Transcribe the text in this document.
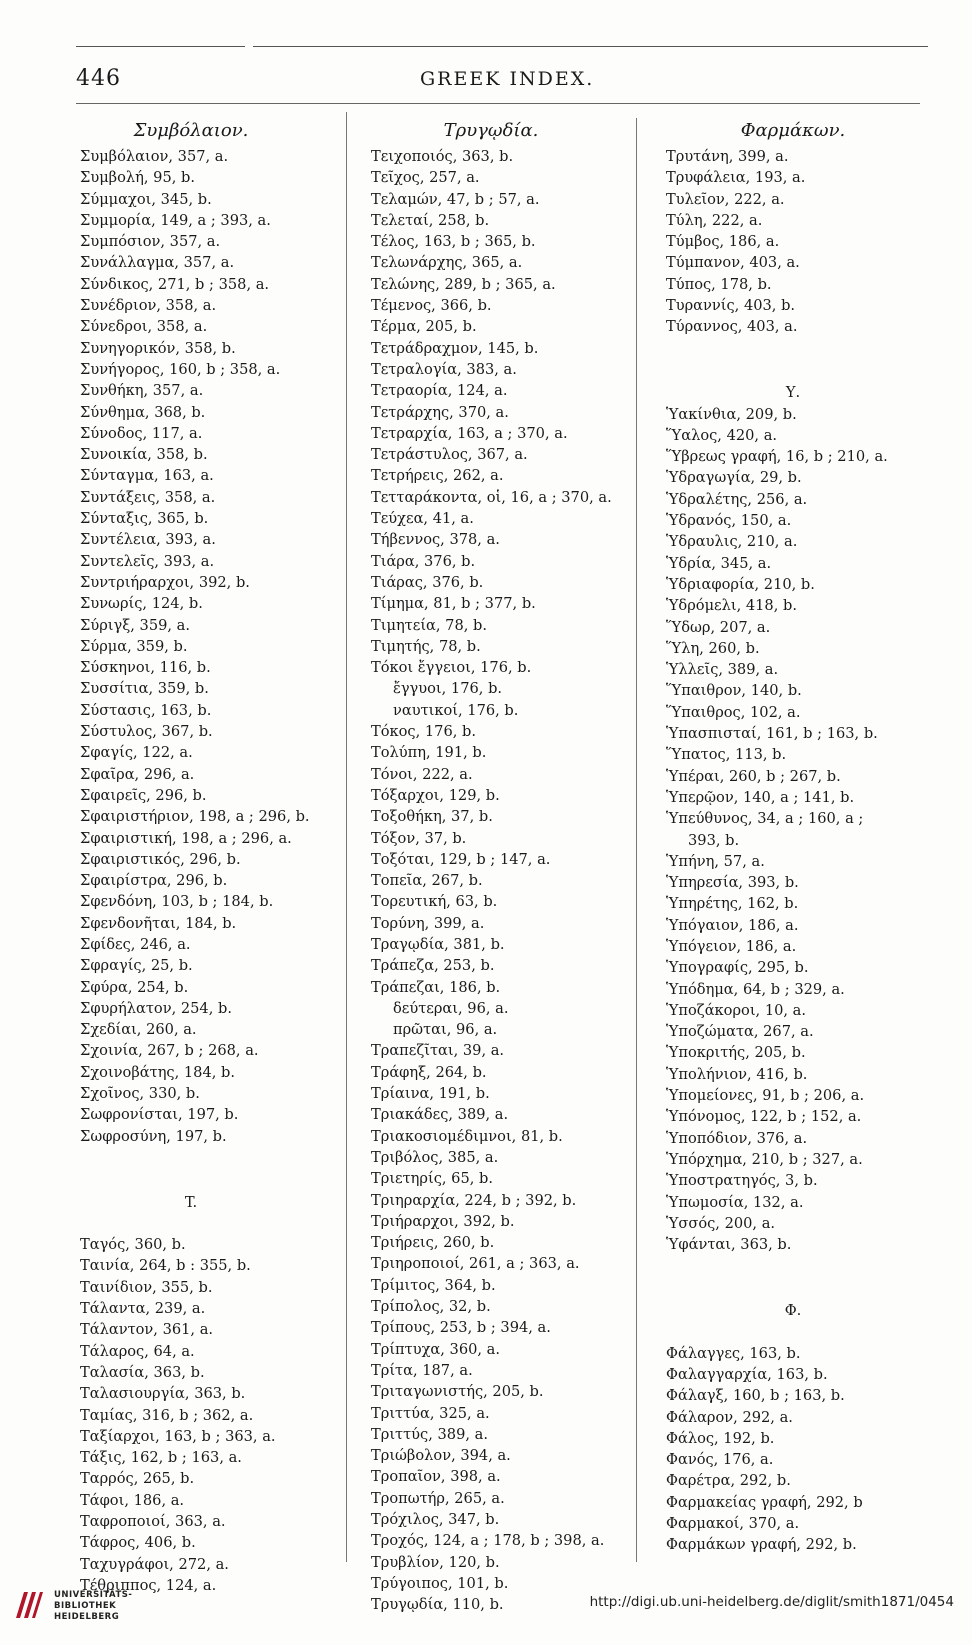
446	GREEK INDEX.
Συμβόλαιον.
Συμβόλαιον, 357, a.
Συμβολή, 95, b.
Σύμμαχοι, 345, b.
Συμμορία, 149, a ; 393, a.
Συμπόσιον, 357, a.
Συνάλλαγμα, 357, a.
Σύνδικος, 271, b ; 358, a.
Συνέδριον, 358, a.
Σύνεδροι, 358, a.
Συνηγορικόν, 358, b.
Συνήγορος, 160, b ; 358, a.
Συνθήκη, 357, a.
Σύνθημα, 368, b.
Σύνοδος, 117, a.
Συνοικία, 358, b.
Σύνταγμα, 163, a.
Συντάξεις, 358, a.
Σύνταξις, 365, b.
Συντέλεια, 393, a.
Συντελεῖς, 393, a.
Συντριήραρχοι, 392, b.
Συνωρίς, 124, b.
Σύριγξ, 359, a.
Σύρμα, 359, b.
Σύσκηνοι, 116, b.
Συσσίτια, 359, b.
Σύστασις, 163, b.
Σύστυλος, 367, b.
Σφαγίς, 122, a.
Σφαῖρα, 296, a.
Σφαιρεῖς, 296, b.
Σφαιριστήριον, 198, a ; 296, b.
Σφαιριστική, 198, a ; 296, a.
Σφαιριστικός, 296, b.
Σφαιρίστρα, 296, b.
Σφενδόνη, 103, b ; 184, b.
Σφενδονῆται, 184, b.
Σφίδες, 246, a.
Σφραγίς, 25, b.
Σφύρα, 254, b.
Σφυρήλατον, 254, b.
Σχεδίαι, 260, a.
Σχοινία, 267, b ; 268, a.
Σχοινοβάτης, 184, b.
Σχοῖνος, 330, b.
Σωφρονίσται, 197, b.
Σωφροσύνη, 197, b.
T.
Ταγός, 360, b.
Ταινία, 264, b : 355, b.
Ταινίδιον, 355, b.
Τάλαντα, 239, a.
Τάλαντον, 361, a.
Τάλαρος, 64, a.
Ταλασία, 363, b.
Ταλασιουργία, 363, b.
Ταμίας, 316, b ; 362, a.
Ταξίαρχοι, 163, b ; 363, a.
Τάξις, 162, b ; 163, a.
Ταρρός, 265, b.
Τάφοι, 186, a.
Ταφροποιοί, 363, a.
Τάφρος, 406, b.
Ταχυγράφοι, 272, a.
Τέθριππος, 124, a.
Τρυγῳδία.
Τειχοποιός, 363, b.
Τεῖχος, 257, a.
Τελαμών, 47, b ; 57, a.
Τελεταί, 258, b.
Τέλος, 163, b ; 365, b.
Τελωνάρχης, 365, a.
Τελώνης, 289, b ; 365, a.
Τέμενος, 366, b.
Τέρμα, 205, b.
Τετράδραχμον, 145, b.
Τετραλογία, 383, a.
Τετραορία, 124, a.
Τετράρχης, 370, a.
Τετραρχία, 163, a ; 370, a.
Τετράστυλος, 367, a.
Τετρήρεις, 262, a.
Τετταράκοντα, οἱ, 16, a ; 370, a.
Τεύχεα, 41, a.
Τήβεννος, 378, a.
Τιάρα, 376, b.
Τιάρας, 376, b.
Τίμημα, 81, b ; 377, b.
Τιμητεία, 78, b.
Τιμητής, 78, b.
Τόκοι ἔγγειοι, 176, b.
ἔγγυοι, 176, b.
ναυτικοί, 176, b.
Τόκος, 176, b.
Τολύπη, 191, b.
Τόνοι, 222, a.
Τόξαρχοι, 129, b.
Τοξοθήκη, 37, b.
Τόξον, 37, b.
Τοξόται, 129, b ; 147, a.
Τοπεῖα, 267, b.
Τορευτική, 63, b.
Τορύνη, 399, a.
Τραγῳδία, 381, b.
Τράπεζα, 253, b.
Τράπεζαι, 186, b.
δεύτεραι, 96, a.
πρῶται, 96, a.
Τραπεζῖται, 39, a.
Τράφηξ, 264, b.
Τρίαινα, 191, b.
Τριακάδες, 389, a.
Τριακοσιομέδιμνοι, 81, b.
Τριβόλος, 385, a.
Τριετηρίς, 65, b.
Τριηραρχία, 224, b ; 392, b.
Τριήραρχοι, 392, b.
Τριήρεις, 260, b.
Τριηροποιοί, 261, a ; 363, a.
Τρίμιτος, 364, b.
Τρίπολος, 32, b.
Τρίπους, 253, b ; 394, a.
Τρίπτυχα, 360, a.
Τρίτα, 187, a.
Τριταγωνιστής, 205, b.
Τριττύα, 325, a.
Τριττύς, 389, a.
Τριώβολον, 394, a.
Τροπαῖον, 398, a.
Τροπωτήρ, 265, a.
Τρόχιλος, 347, b.
Τροχός, 124, a ; 178, b ; 398, a.
Τρυβλίον, 120, b.
Τρύγοιπος, 101, b.
Τρυγῳδία, 110, b.
Φαρμάκων.
Τρυτάνη, 399, a.
Τρυφάλεια, 193, a.
Τυλεῖον, 222, a.
Τύλη, 222, a.
Τύμβος, 186, a.
Τύμπανον, 403, a.
Τύπος, 178, b.
Τυραννίς, 403, b.
Τύραννος, 403, a.
Υ.
Ὑακίνθια, 209, b.
Ὕαλος, 420, a.
Ὕβρεως γραφή, 16, b ; 210, a.
Ὑδραγωγία, 29, b.
Ὑδραλέτης, 256, a.
Ὑδρανός, 150, a.
Ὑδραυλις, 210, a.
Ὑδρία, 345, a.
Ὑδριαφορία, 210, b.
Ὑδρόμελι, 418, b.
Ὕδωρ, 207, a.
Ὕλη, 260, b.
Ὑλλεῖς, 389, a.
Ὕπαιθρον, 140, b.
Ὕπαιθρος, 102, a.
Ὑπασπισταί, 161, b ; 163, b.
Ὕπατος, 113, b.
Ὑπέραι, 260, b ; 267, b.
Ὑπερῷον, 140, a ; 141, b.
Ὑπεύθυνος, 34, a ; 160, a ;
393, b.
Ὑπήνη, 57, a.
Ὑπηρεσία, 393, b.
Ὑπηρέτης, 162, b.
Ὑπόγαιον, 186, a.
Ὑπόγειον, 186, a.
Ὑπογραφίς, 295, b.
Ὑπόδημα, 64, b ; 329, a.
Ὑποζάκοροι, 10, a.
Ὑποζώματα, 267, a.
Ὑποκριτής, 205, b.
Ὑπολήνιον, 416, b.
Ὑπομείονες, 91, b ; 206, a.
Ὑπόνομος, 122, b ; 152, a.
Ὑποπόδιον, 376, a.
Ὑπόρχημα, 210, b ; 327, a.
Ὑποστρατηγός, 3, b.
Ὑπωμοσία, 132, a.
Ὑσσός, 200, a.
Ὑφάνται, 363, b.
Φ.
Φάλαγγες, 163, b.
Φαλαγγαρχία, 163, b.
Φάλαγξ, 160, b ; 163, b.
Φάλαρον, 292, a.
Φάλος, 192, b.
Φανός, 176, a.
Φαρέτρα, 292, b.
Φαρμακείας γραφή, 292, b
Φαρμακοί, 370, a.
Φαρμάκων γραφή, 292, b.
UNIVERSITÄTS-
BIBLIOTHEK
HEIDELBERG
http://digi.ub.uni-heidelberg.de/diglit/smith1871/0454
